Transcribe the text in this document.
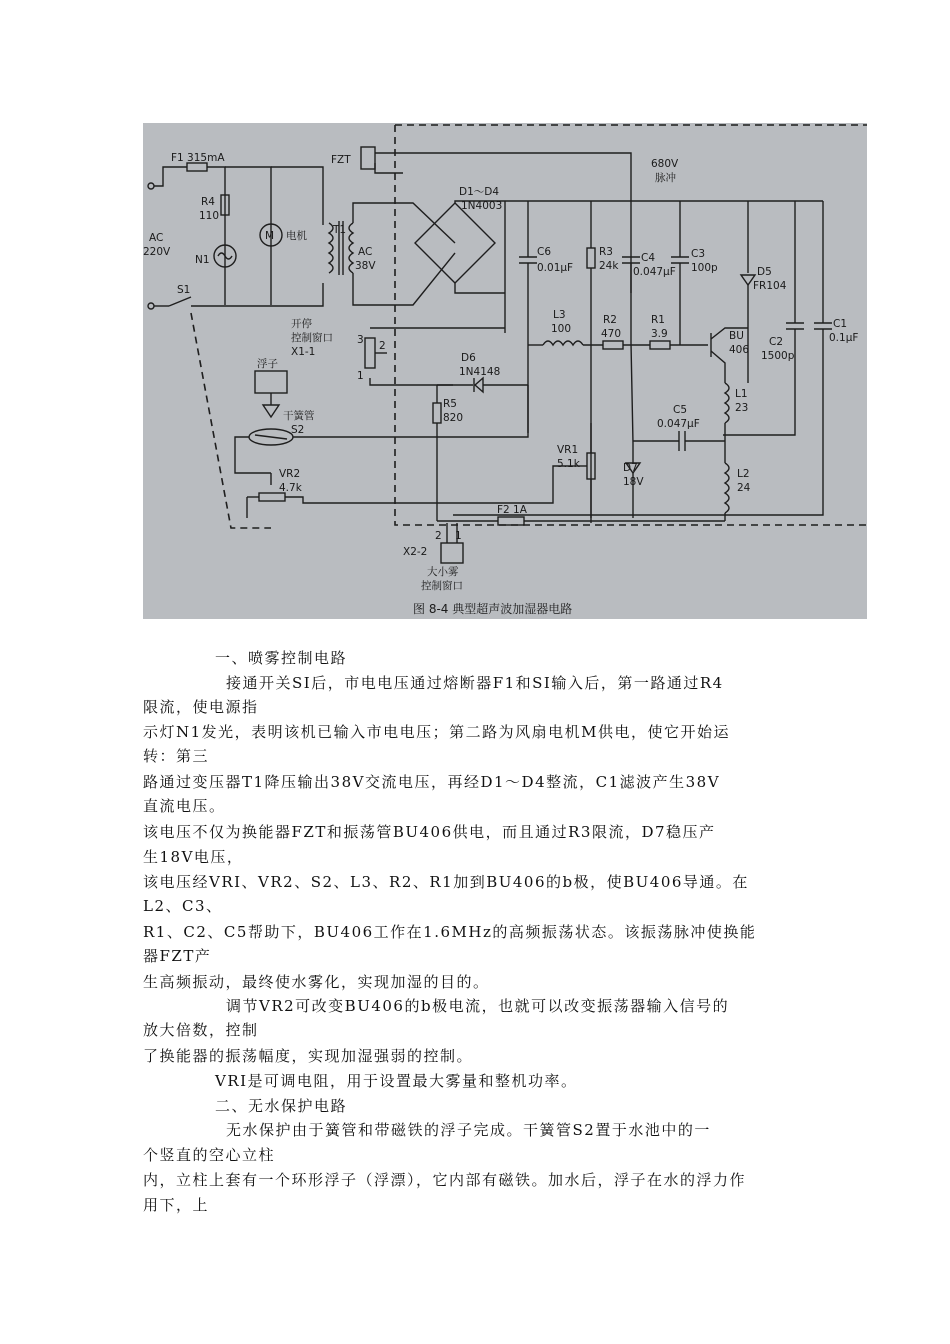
M
F1 315mA
AC
220V
R4
110
N1
电机 T1
AC
38V
S1
FZT	680V
脉冲
D1～D4
1N4003
C6
0.01μF
R3
24k
C4
0.047μF
C3
100p	D5
FR104
开停
控制窗口
X1-1
3 2
1
L3
100
R2
470
R1
3.9	BU
406
C2
1500p
C1
0.1μF
浮子	D6
1N4148
干簧管
S2
R5
820
L1
23
C5
0.047μF
VR1
5.1k	D7
18V
VR2
4.7k
L2
24
F2 1A
X2-2
2 1
大小雾
控制窗口
图 8-4 典型超声波加湿器电路
一、喷雾控制电路
接通开关SI后，市电电压通过熔断器F1和SI输入后，第一路通过R4
限流，使电源指
示灯N1发光，表明该机已输入市电电压；第二路为风扇电机M供电，使它开始运
转：第三
路通过变压器T1降压输出38V交流电压，再经D1～D4整流，C1滤波产生38V
直流电压。
该电压不仅为换能器FZT和振荡管BU406供电，而且通过R3限流，D7稳压产
生18V电压，
该电压经VRI、VR2、S2、L3、R2、R1加到BU406的b极，使BU406导通。在
L2、C3、
R1、C2、C5帮助下，BU406工作在1.6MHz的高频振荡状态。该振荡脉冲使换能
器FZT产
生高频振动，最终使水雾化，实现加湿的目的。
调节VR2可改变BU406的b极电流，也就可以改变振荡器输入信号的
放大倍数，控制
了换能器的振荡幅度，实现加湿强弱的控制。
VRI是可调电阻，用于设置最大雾量和整机功率。
二、无水保护电路
无水保护由于簧管和带磁铁的浮子完成。干簧管S2置于水池中的一
个竖直的空心立柱
内，立柱上套有一个环形浮子（浮漂），它内部有磁铁。加水后，浮子在水的浮力作
用下，上
